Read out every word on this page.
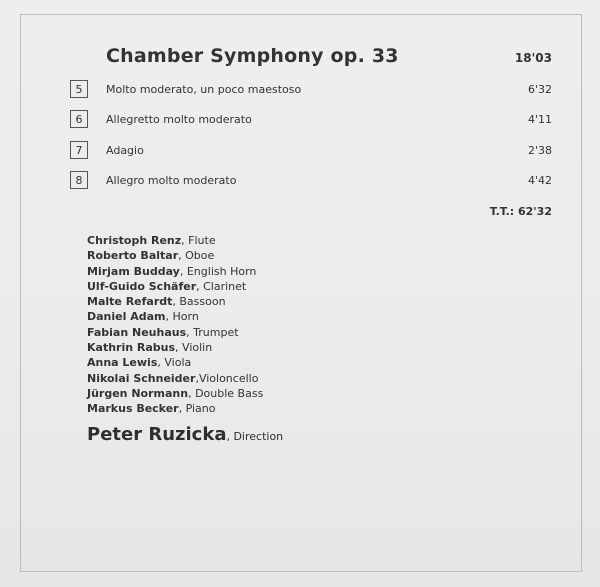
Chamber Symphony op. 33	18'03
5	Molto moderato, un poco maestoso	6'32
6	Allegretto molto moderato	4'11
7	Adagio	2'38
8	Allegro molto moderato	4'42
T.T.: 62'32
Christoph Renz, Flute
Roberto Baltar, Oboe
Mirjam Budday, English Horn
Ulf-Guido Schäfer, Clarinet
Malte Refardt, Bassoon
Daniel Adam, Horn
Fabian Neuhaus, Trumpet
Kathrin Rabus, Violin
Anna Lewis, Viola
Nikolai Schneider,Violoncello
Jürgen Normann, Double Bass
Markus Becker, Piano
Peter Ruzicka, Direction
